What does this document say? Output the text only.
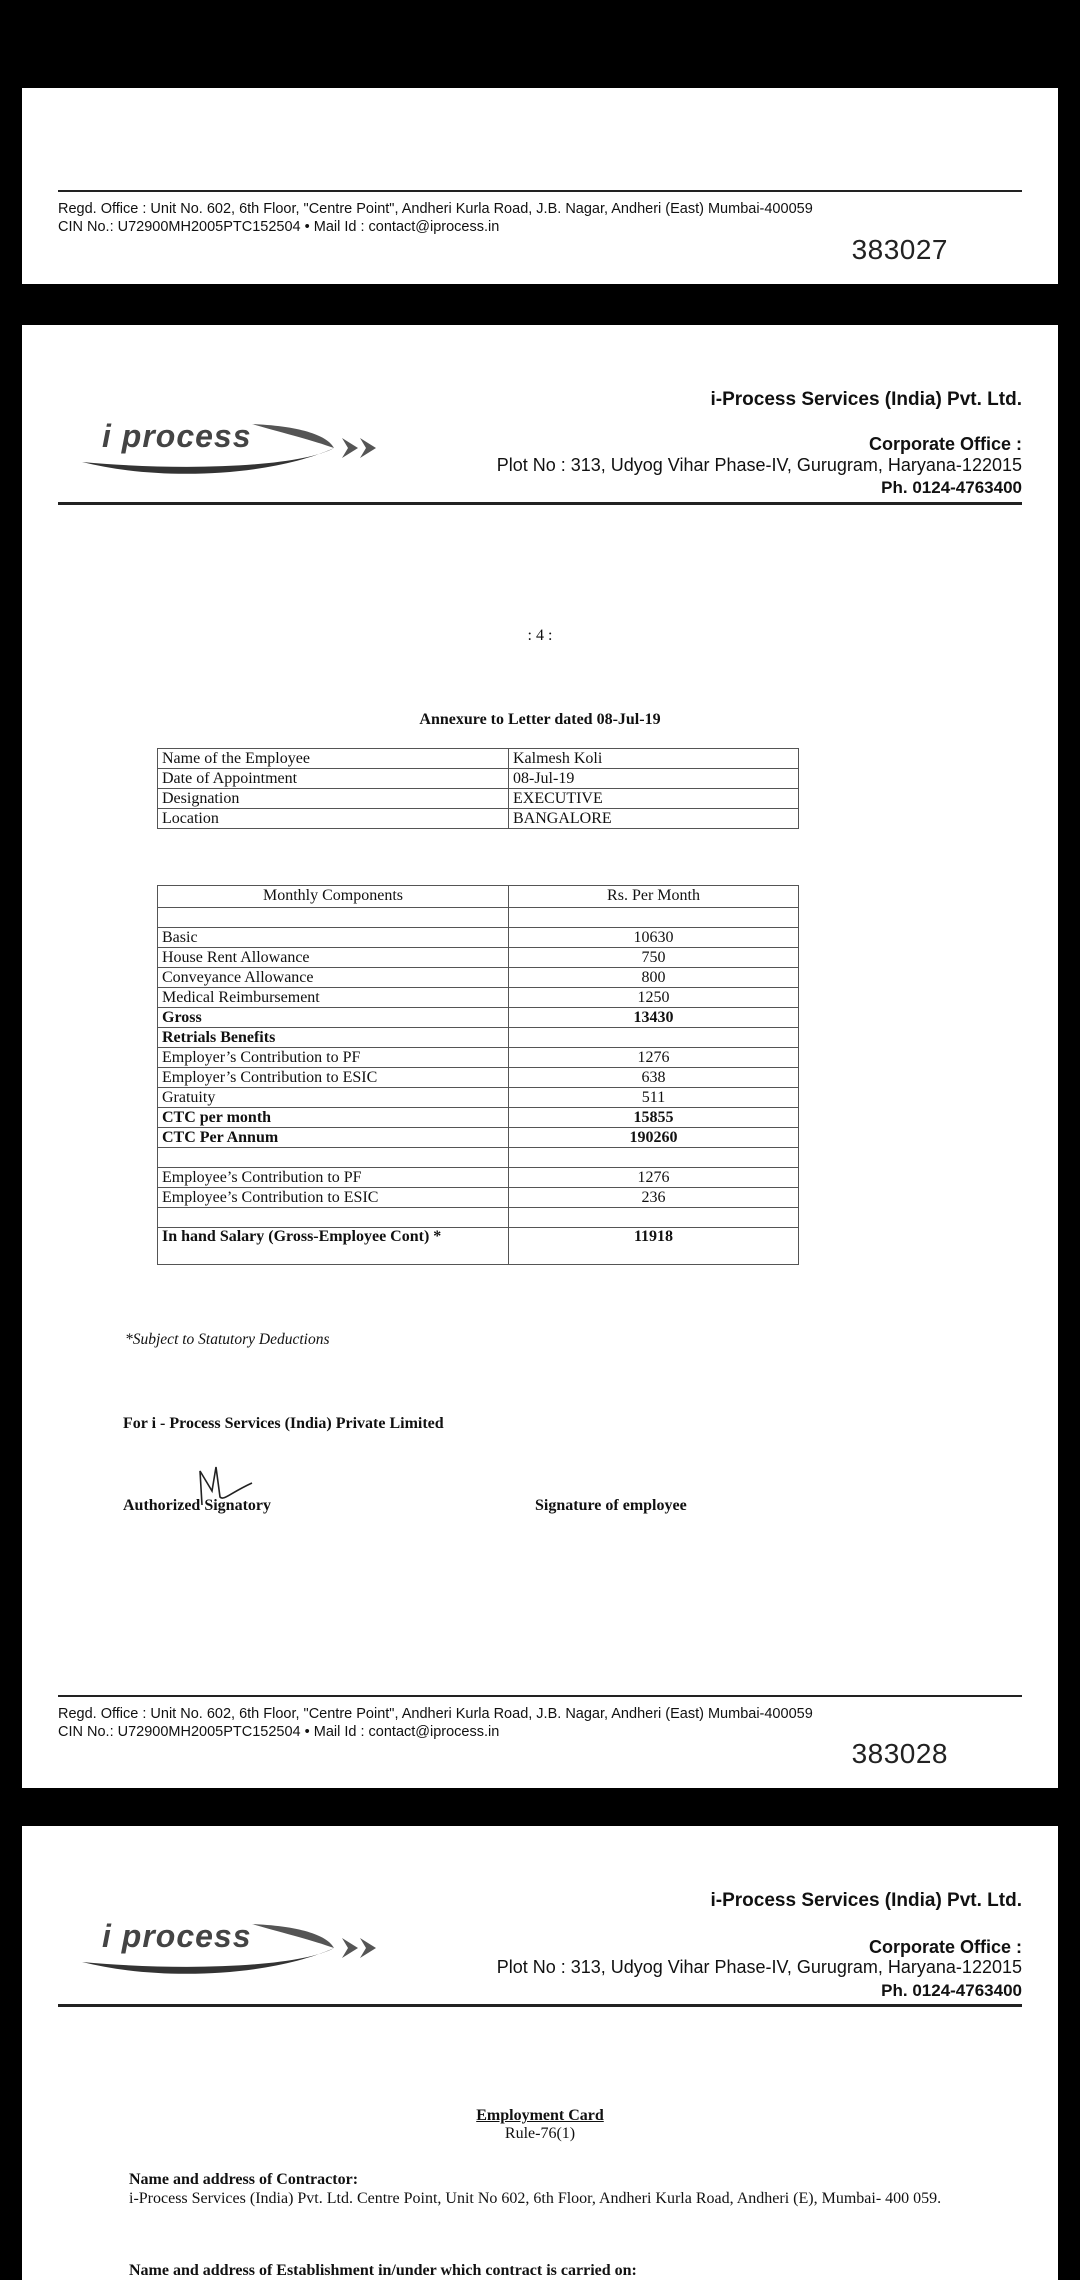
Regd. Office : Unit No. 602, 6th Floor, "Centre Point", Andheri Kurla Road, J.B. Nagar, Andheri (East) Mumbai-400059
CIN No.: U72900MH2005PTC152504 • Mail Id : contact@iprocess.in
383027
i process
i-Process Services (India) Pvt. Ltd.
Corporate Office :
Plot No : 313, Udyog Vihar Phase-IV, Gurugram, Haryana-122015
Ph. 0124-4763400
: 4 :
Annexure to Letter dated 08-Jul-19
Name of the Employee	Kalmesh Koli
Date of Appointment	08-Jul-19
Designation	EXECUTIVE
Location	BANGALORE
Monthly Components	Rs. Per Month

Basic	10630
House Rent Allowance	750
Conveyance Allowance	800
Medical Reimbursement	1250
Gross	13430
Retrials Benefits	
Employer’s Contribution to PF	1276
Employer’s Contribution to ESIC	638
Gratuity	511
CTC per month	15855
CTC Per Annum	190260

Employee’s Contribution to PF	1276
Employee’s Contribution to ESIC	236

In hand Salary (Gross-Employee Cont) *	11918
*Subject to Statutory Deductions
For i - Process Services (India) Private Limited
Authorized Signatory	Signature of employee
Regd. Office : Unit No. 602, 6th Floor, "Centre Point", Andheri Kurla Road, J.B. Nagar, Andheri (East) Mumbai-400059
CIN No.: U72900MH2005PTC152504 • Mail Id : contact@iprocess.in
383028
i process
i-Process Services (India) Pvt. Ltd.
Corporate Office :
Plot No : 313, Udyog Vihar Phase-IV, Gurugram, Haryana-122015
Ph. 0124-4763400
Employment Card
Rule-76(1)
Name and address of Contractor:
i-Process Services (India) Pvt. Ltd. Centre Point, Unit No 602, 6th Floor, Andheri Kurla Road, Andheri (E), Mumbai- 400 059.
Name and address of Establishment in/under which contract is carried on:
